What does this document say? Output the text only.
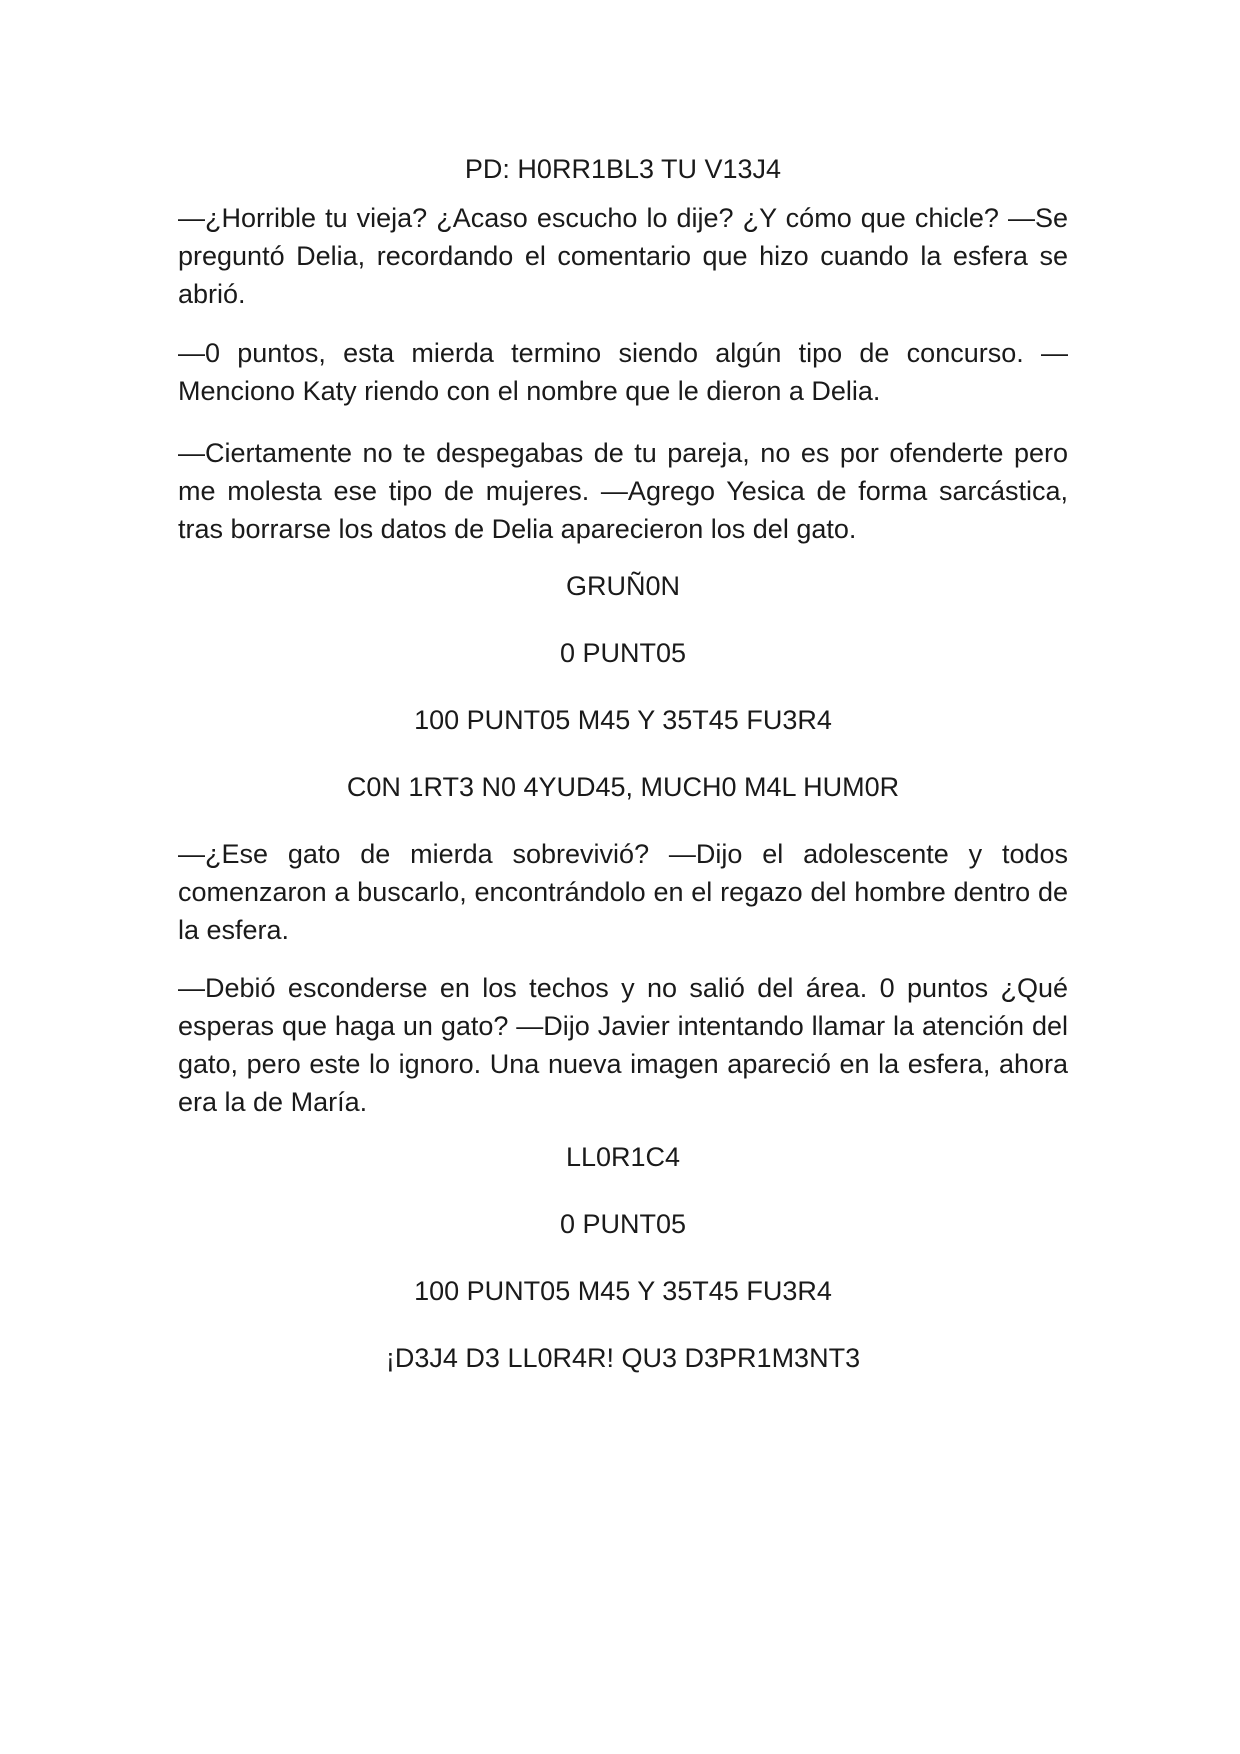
PD: H0RR1BL3 TU V13J4

—¿Horrible tu vieja? ¿Acaso escucho lo dije? ¿Y cómo que chicle? —Se preguntó Delia, recordando el comentario que hizo cuando la esfera se abrió.

—0 puntos, esta mierda termino siendo algún tipo de concurso. —Menciono Katy riendo con el nombre que le dieron a Delia.

—Ciertamente no te despegabas de tu pareja, no es por ofenderte pero me molesta ese tipo de mujeres. —Agrego Yesica de forma sarcástica, tras borrarse los datos de Delia aparecieron los del gato.

GRUÑ0N

0 PUNT05

100 PUNT05 M45 Y 35T45 FU3R4

C0N 1RT3 N0 4YUD45, MUCH0 M4L HUM0R

—¿Ese gato de mierda sobrevivió? —Dijo el adolescente y todos comenzaron a buscarlo, encontrándolo en el regazo del hombre dentro de la esfera.

—Debió esconderse en los techos y no salió del área. 0 puntos ¿Qué esperas que haga un gato? —Dijo Javier intentando llamar la atención del gato, pero este lo ignoro. Una nueva imagen apareció en la esfera, ahora era la de María.

LL0R1C4

0 PUNT05

100 PUNT05 M45 Y 35T45 FU3R4

¡D3J4 D3 LL0R4R! QU3 D3PR1M3NT3
